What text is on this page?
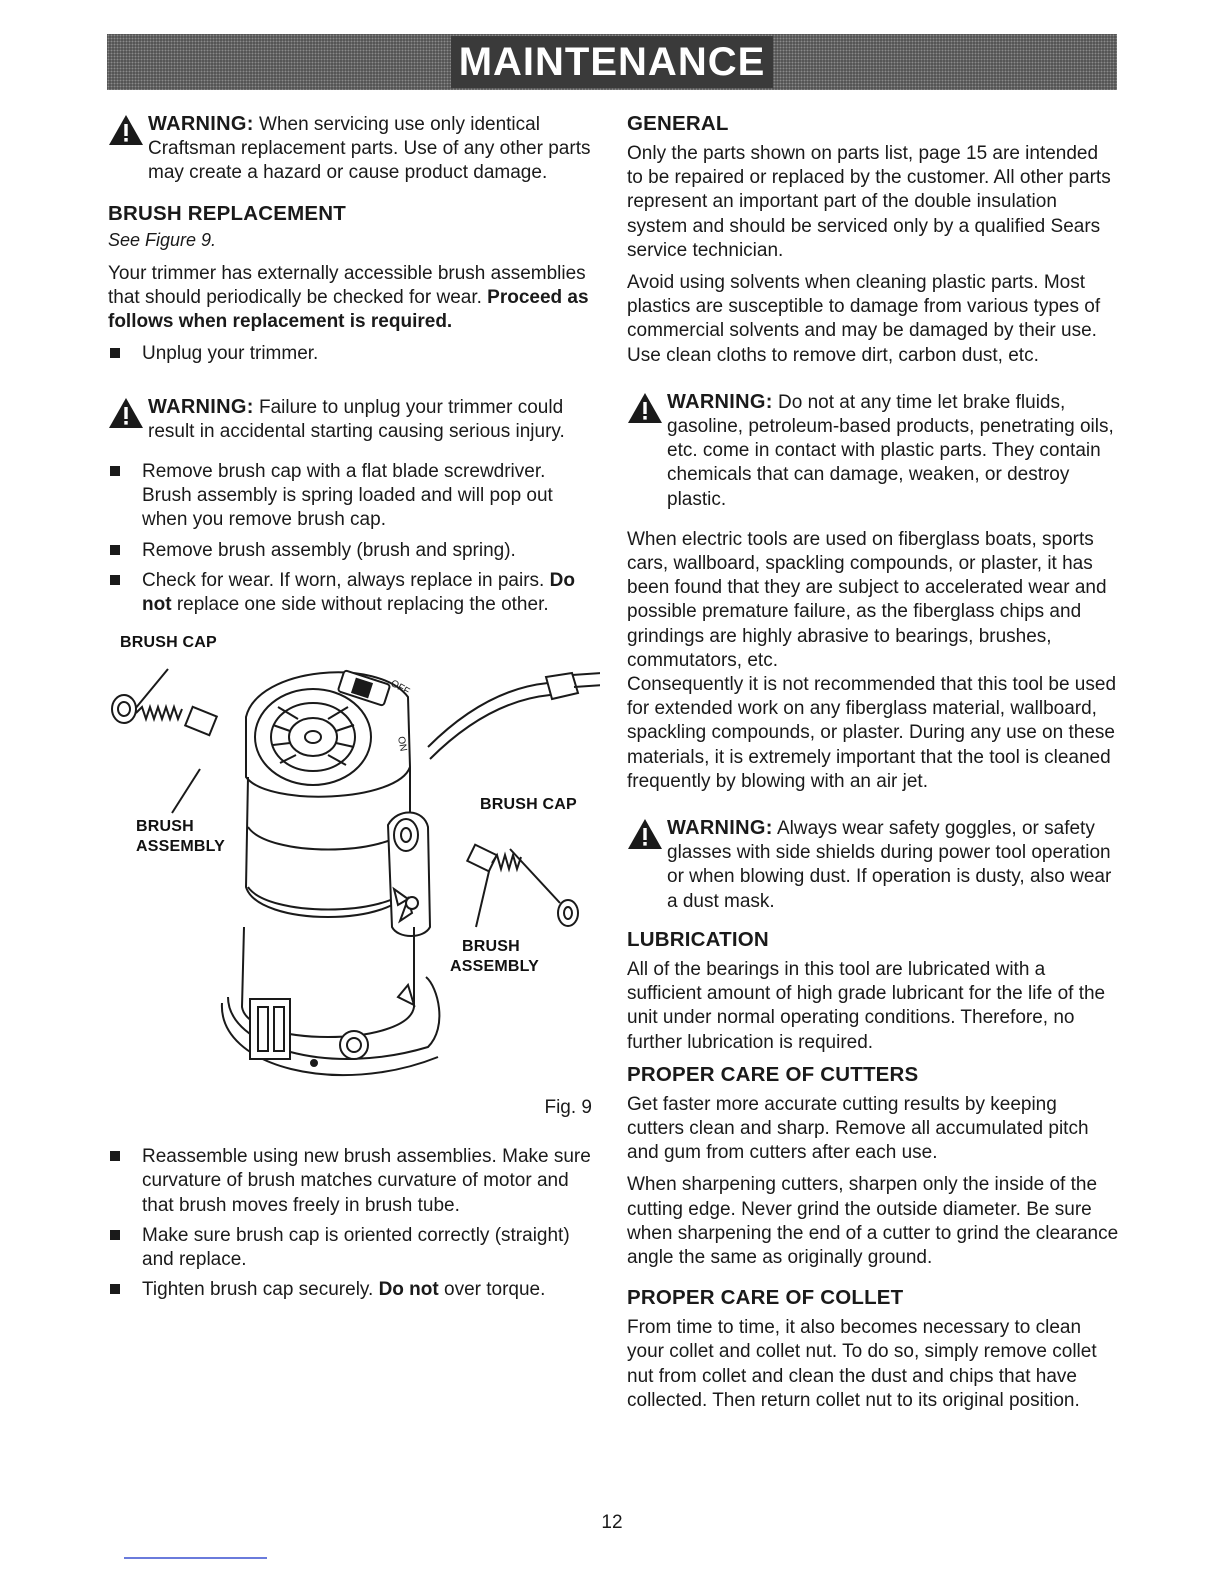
MAINTENANCE
WARNING: When servicing use only identical Craftsman replacement parts. Use of any other parts may create a hazard or cause product damage.
BRUSH REPLACEMENT

See Figure 9.

Your trimmer has externally accessible brush assemblies that should periodically be checked for wear. Proceed as follows when replacement is required.

Unplug your trimmer.
WARNING: Failure to unplug your trimmer could result in accidental starting causing serious injury.
Remove brush cap with a flat blade screwdriver. Brush assembly is spring loaded and will pop out when you remove brush cap.
Remove brush assembly (brush and spring).
Check for wear. If worn, always replace in pairs. Do not replace one side without replacing the other.
OFF
ON
BRUSH CAP
BRUSH
ASSEMBLY
BRUSH CAP
BRUSH
ASSEMBLY
Fig. 9
Reassemble using new brush assemblies. Make sure curvature of brush matches curvature of motor and that brush moves freely in brush tube.
Make sure brush cap is oriented correctly (straight) and replace.
Tighten brush cap securely. Do not over torque.
GENERAL

Only the parts shown on parts list, page 15 are intended to be repaired or replaced by the customer. All other parts represent an important part of the double insulation system and should be serviced only by a qualified Sears service technician.

Avoid using solvents when cleaning plastic parts. Most plastics are susceptible to damage from various types of commercial solvents and may be damaged by their use. Use clean cloths to remove dirt, carbon dust, etc.

WARNING: Do not at any time let brake fluids, gasoline, petroleum-based products, penetrating oils, etc. come in contact with plastic parts. They contain chemicals that can damage, weaken, or destroy plastic.

When electric tools are used on fiberglass boats, sports cars, wallboard, spackling compounds, or plaster, it has been found that they are subject to accelerated wear and possible premature failure, as the fiberglass chips and grindings are highly abrasive to bearings, brushes, commutators, etc.

Consequently it is not recommended that this tool be used for extended work on any fiberglass material, wallboard, spackling compounds, or plaster. During any use on these materials, it is extremely important that the tool is cleaned frequently by blowing with an air jet.

WARNING: Always wear safety goggles, or safety glasses with side shields during power tool operation or when blowing dust. If operation is dusty, also wear a dust mask.
LUBRICATION

All of the bearings in this tool are lubricated with a sufficient amount of high grade lubricant for the life of the unit under normal operating conditions. Therefore, no further lubrication is required.

PROPER CARE OF CUTTERS

Get faster more accurate cutting results by keeping cutters clean and sharp. Remove all accumulated pitch and gum from cutters after each use.

When sharpening cutters, sharpen only the inside of the cutting edge. Never grind the outside diameter. Be sure when sharpening the end of a cutter to grind the clearance angle the same as originally ground.

PROPER CARE OF COLLET

From time to time, it also becomes necessary to clean your collet and collet nut. To do so, simply remove collet nut from collet and clean the dust and chips that have collected. Then return collet nut to its original position.

12
